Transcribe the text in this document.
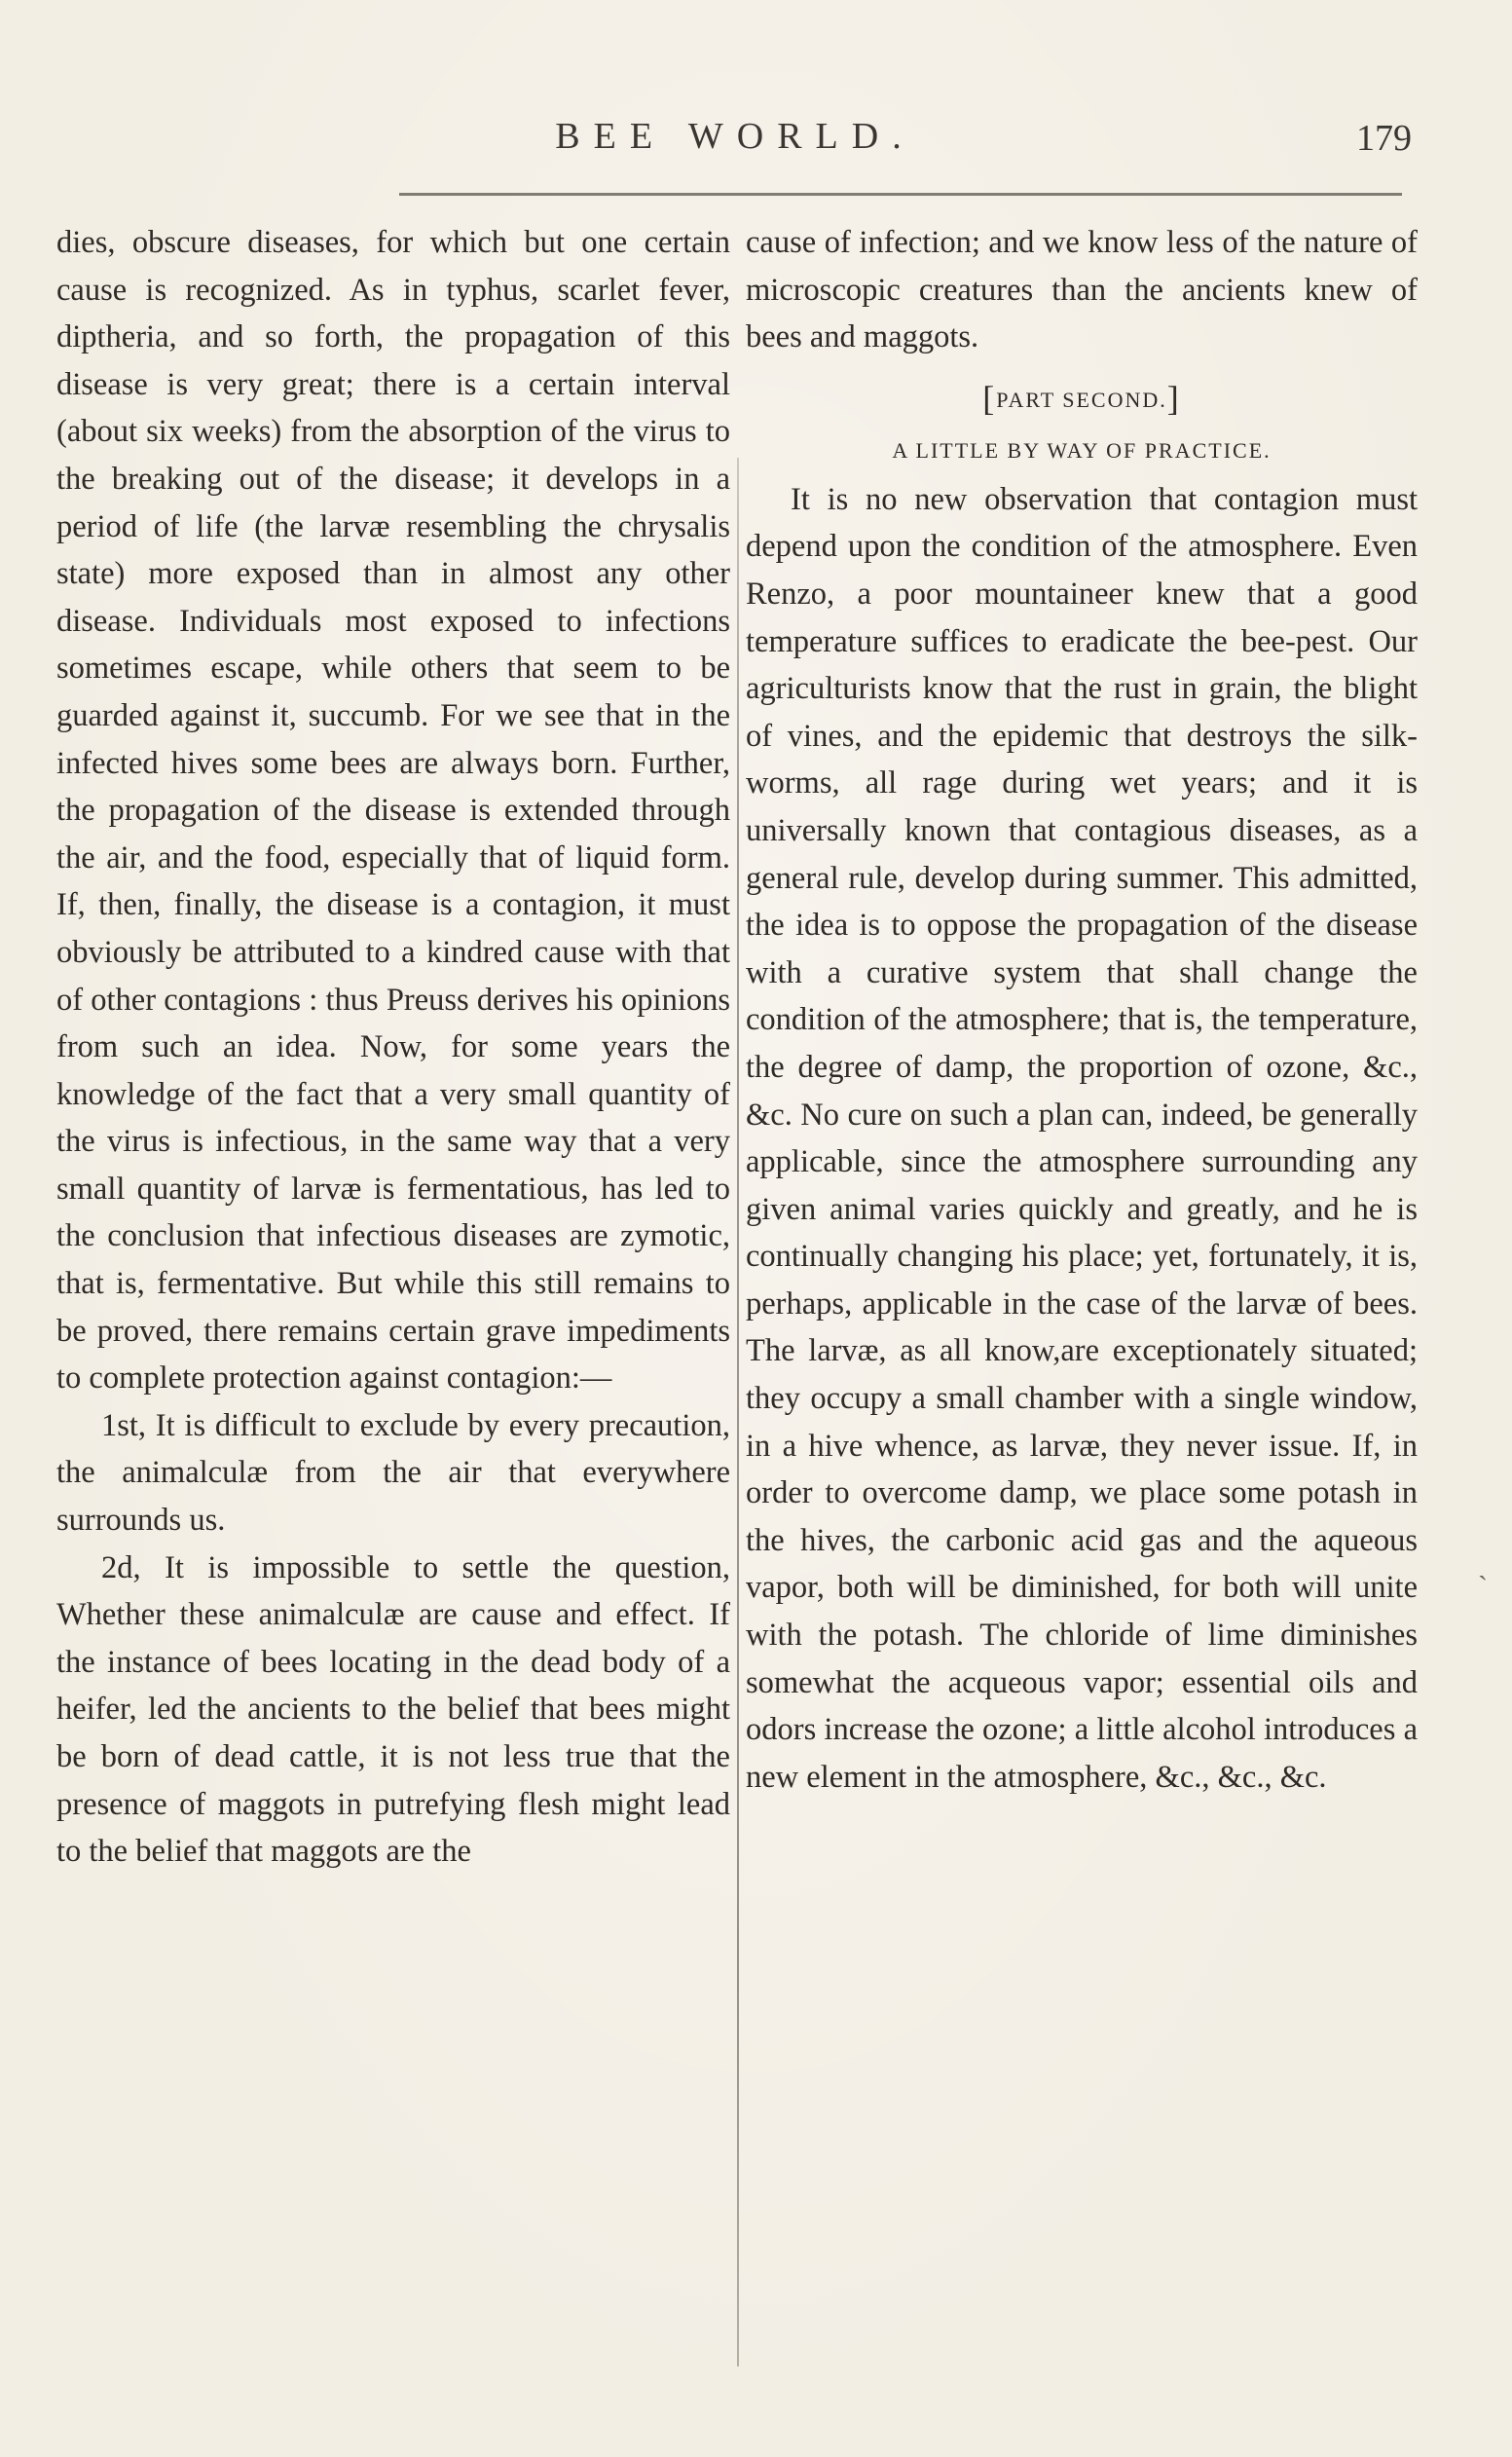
BEE WORLD.	179

dies, obscure diseases, for which but one certain cause is recognized. As in typhus, scarlet fever, diptheria, and so forth, the propagation of this disease is very great; there is a certain interval (about six weeks) from the absorption of the virus to the breaking out of the disease; it develops in a period of life (the larvæ resembling the chrysalis state) more exposed than in almost any other disease. Individuals most exposed to infections sometimes escape, while others that seem to be guarded against it, succumb. For we see that in the infected hives some bees are always born. Further, the propagation of the disease is extended through the air, and the food, especially that of liquid form. If, then, finally, the disease is a contagion, it must obviously be attributed to a kindred cause with that of other contagions : thus Preuss derives his opinions from such an idea. Now, for some years the knowledge of the fact that a very small quantity of the virus is infectious, in the same way that a very small quantity of larvæ is fermentatious, has led to the conclusion that infectious diseases are zymotic, that is, fermentative. But while this still remains to be proved, there remains certain grave impediments to complete protection against contagion:—

1st, It is difficult to exclude by every precaution, the animalculæ from the air that everywhere surrounds us.

2d, It is impossible to settle the question, Whether these animalculæ are cause and effect. If the instance of bees locating in the dead body of a heifer, led the ancients to the belief that bees might be born of dead cattle, it is not less true that the presence of maggots in putrefying flesh might lead to the belief that maggots are the

cause of infection; and we know less of the nature of microscopic creatures than the ancients knew of bees and maggots.

[PART SECOND.]
A LITTLE BY WAY OF PRACTICE.

It is no new observation that contagion must depend upon the condition of the atmosphere. Even Renzo, a poor mountaineer knew that a good temperature suffices to eradicate the bee-pest. Our agriculturists know that the rust in grain, the blight of vines, and the epidemic that destroys the silk-worms, all rage during wet years; and it is universally known that contagious diseases, as a general rule, develop during summer. This admitted, the idea is to oppose the propagation of the disease with a curative system that shall change the condition of the atmosphere; that is, the temperature, the degree of damp, the proportion of ozone, &c., &c. No cure on such a plan can, indeed, be generally applicable, since the atmosphere surrounding any given animal varies quickly and greatly, and he is continually changing his place; yet, fortunately, it is, perhaps, applicable in the case of the larvæ of bees. The larvæ, as all know,are exceptionately situated; they occupy a small chamber with a single window, in a hive whence, as larvæ, they never issue. If, in order to overcome damp, we place some potash in the hives, the carbonic acid gas and the aqueous vapor, both will be diminished, for both will unite with the potash. The chloride of lime diminishes somewhat the acqueous vapor; essential oils and odors increase the ozone; a little alcohol introduces a new element in the atmosphere, &c., &c., &c.

ˎ
